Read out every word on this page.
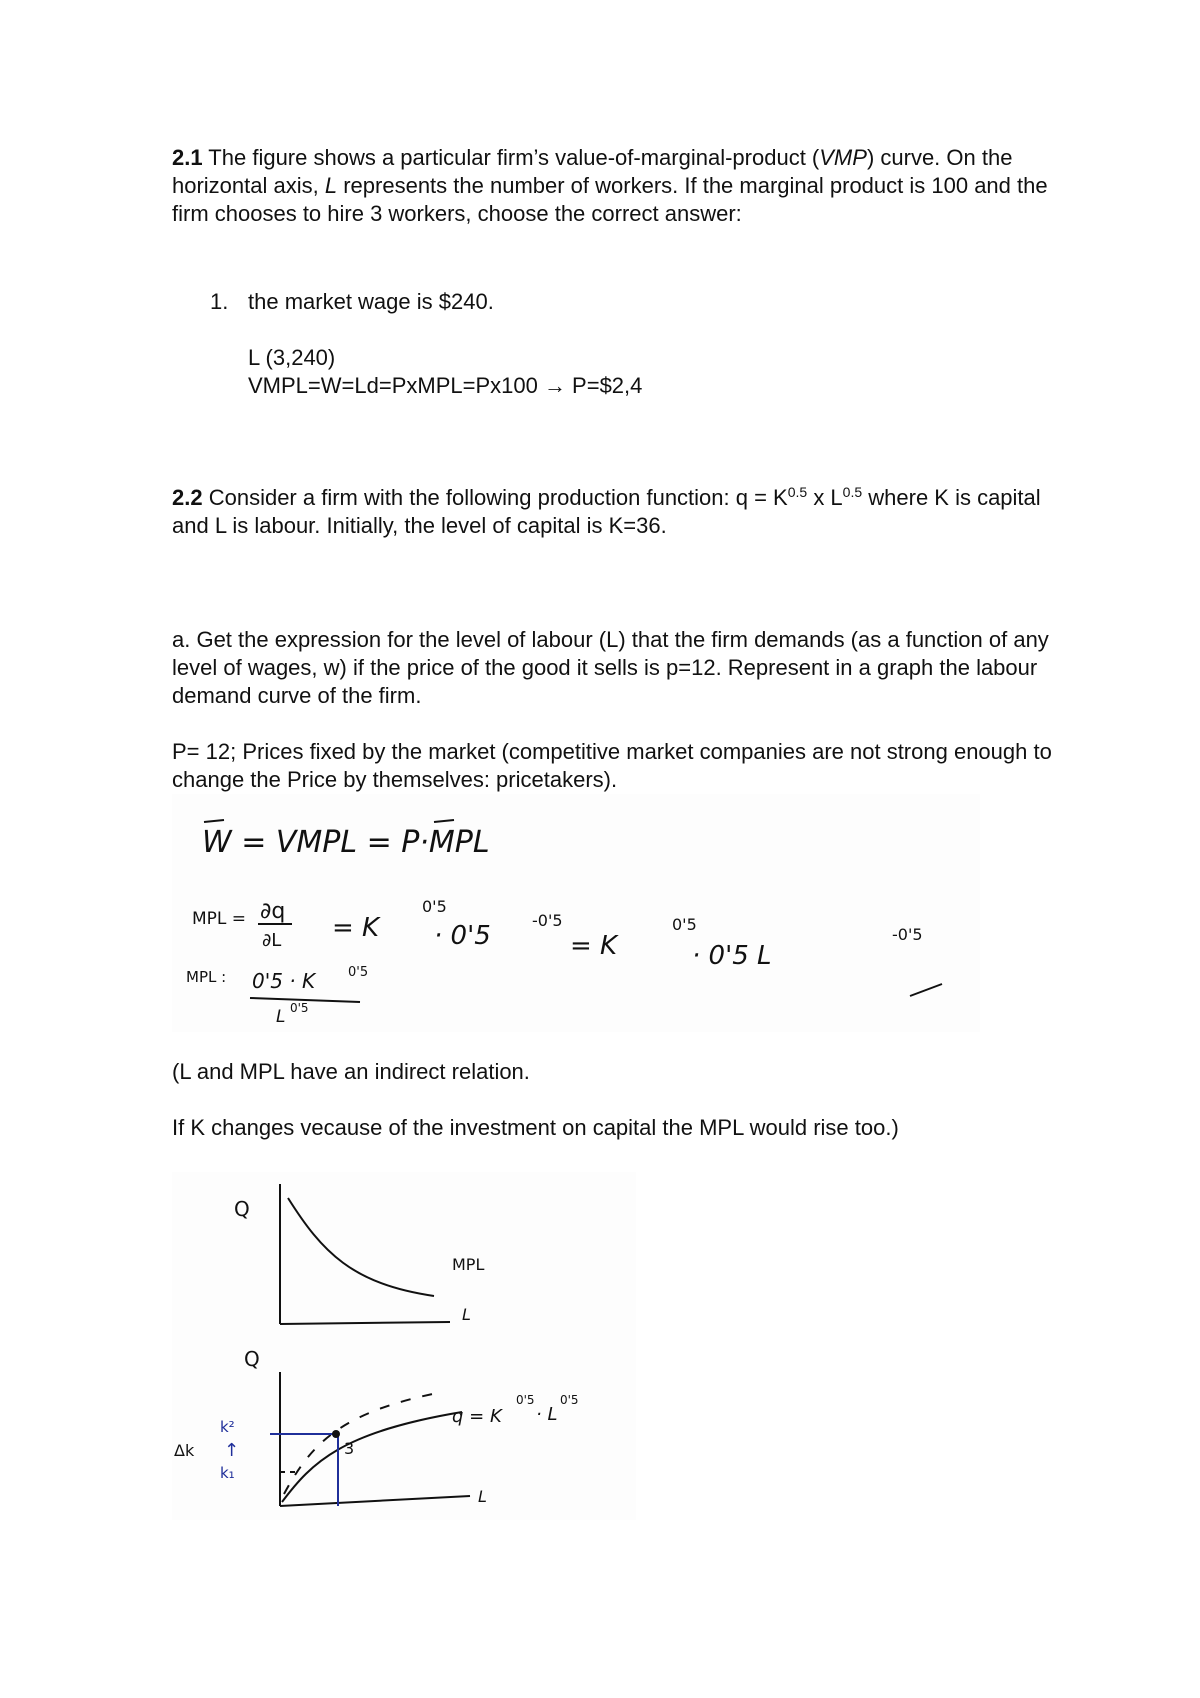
2.1 The figure shows a particular firm’s value-of-marginal-product (VMP) curve. On the horizontal axis, L represents the number of workers. If the marginal product is 100 and the firm chooses to hire 3 workers, choose the correct answer:
1. the market wage is $240.
L (3,240)
VMPL=W=Ld=PxMPL=Px100 → P=$2,4
2.2 Consider a firm with the following production function: $q = K^{0.5}$ x $L^{0.5}$ where K is capital and L is labour. Initially, the level of capital is K=36.
a. Get the expression for the level of labour (L) that the firm demands (as a function of any level of wages, w) if the price of the good it sells is p=12. Represent in a graph the labour demand curve of the firm.
P= 12; Prices fixed by the market (competitive market companies are not strong enough to change the Price by themselves: pricetakers).
W = VMPL = P·MPL
MPL = ∂q
∂L = K
0'5
· 0'5
-0'5
= K
0'5
· 0'5 L
-0'5
MPL : 0'5 · K	0'5
L 0'5
(L and MPL have an indirect relation.
If K changes vecause of the investment on capital the MPL would rise too.)
Q
MPL
L
Q
3
k²
↑
Δk
k₁
q = K
0'5
· L
0'5
L
